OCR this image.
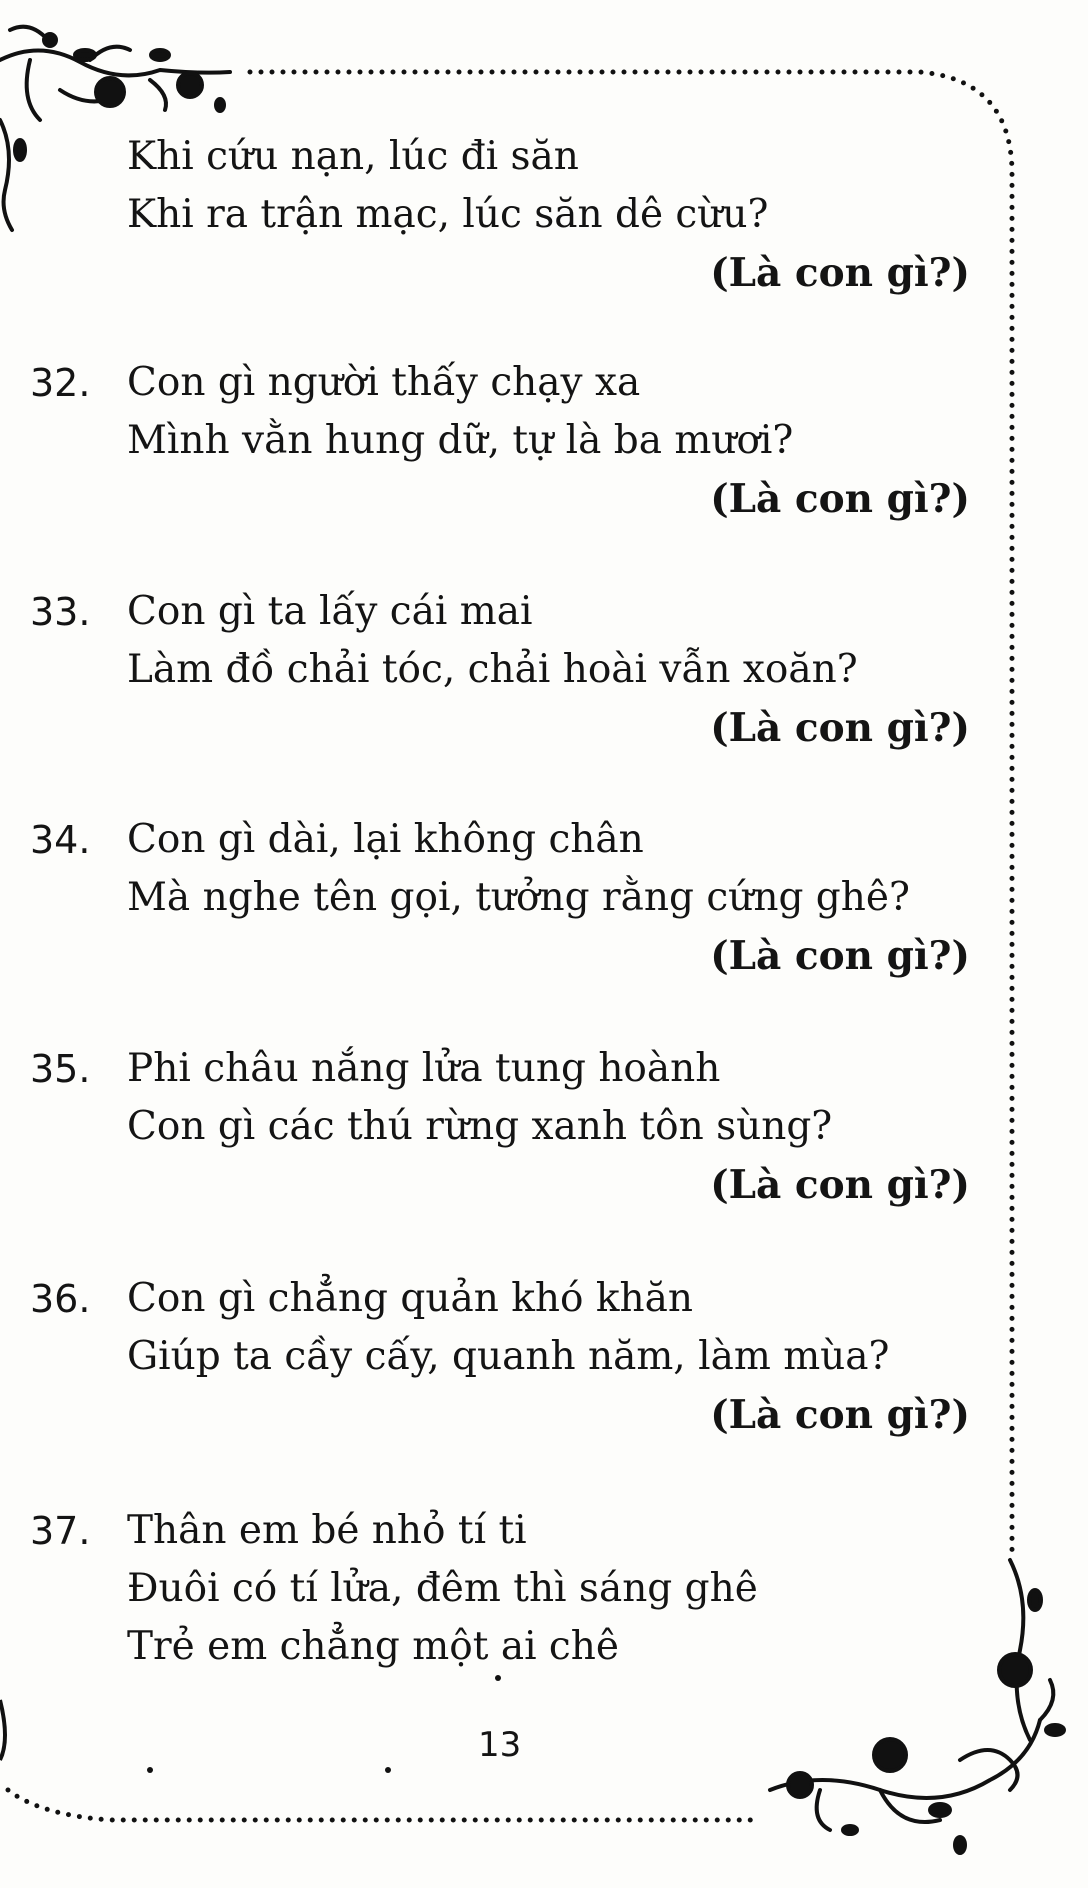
Khi cứu nạn, lúc đi săn
Khi ra trận mạc, lúc săn dê cừu?
(Là con gì?)
32. Con gì người thấy chạy xa
Mình vằn hung dữ, tự là ba mươi?
(Là con gì?)
33. Con gì ta lấy cái mai
Làm đồ chải tóc, chải hoài vẫn xoăn?
(Là con gì?)
34. Con gì dài, lại không chân
Mà nghe tên gọi, tưởng rằng cứng ghê?
(Là con gì?)
35. Phi châu nắng lửa tung hoành
Con gì các thú rừng xanh tôn sùng?
(Là con gì?)
36. Con gì chẳng quản khó khăn
Giúp ta cầy cấy, quanh năm, làm mùa?
(Là con gì?)
37. Thân em bé nhỏ tí ti
Đuôi có tí lửa, đêm thì sáng ghê
Trẻ em chẳng một ai chê
13
